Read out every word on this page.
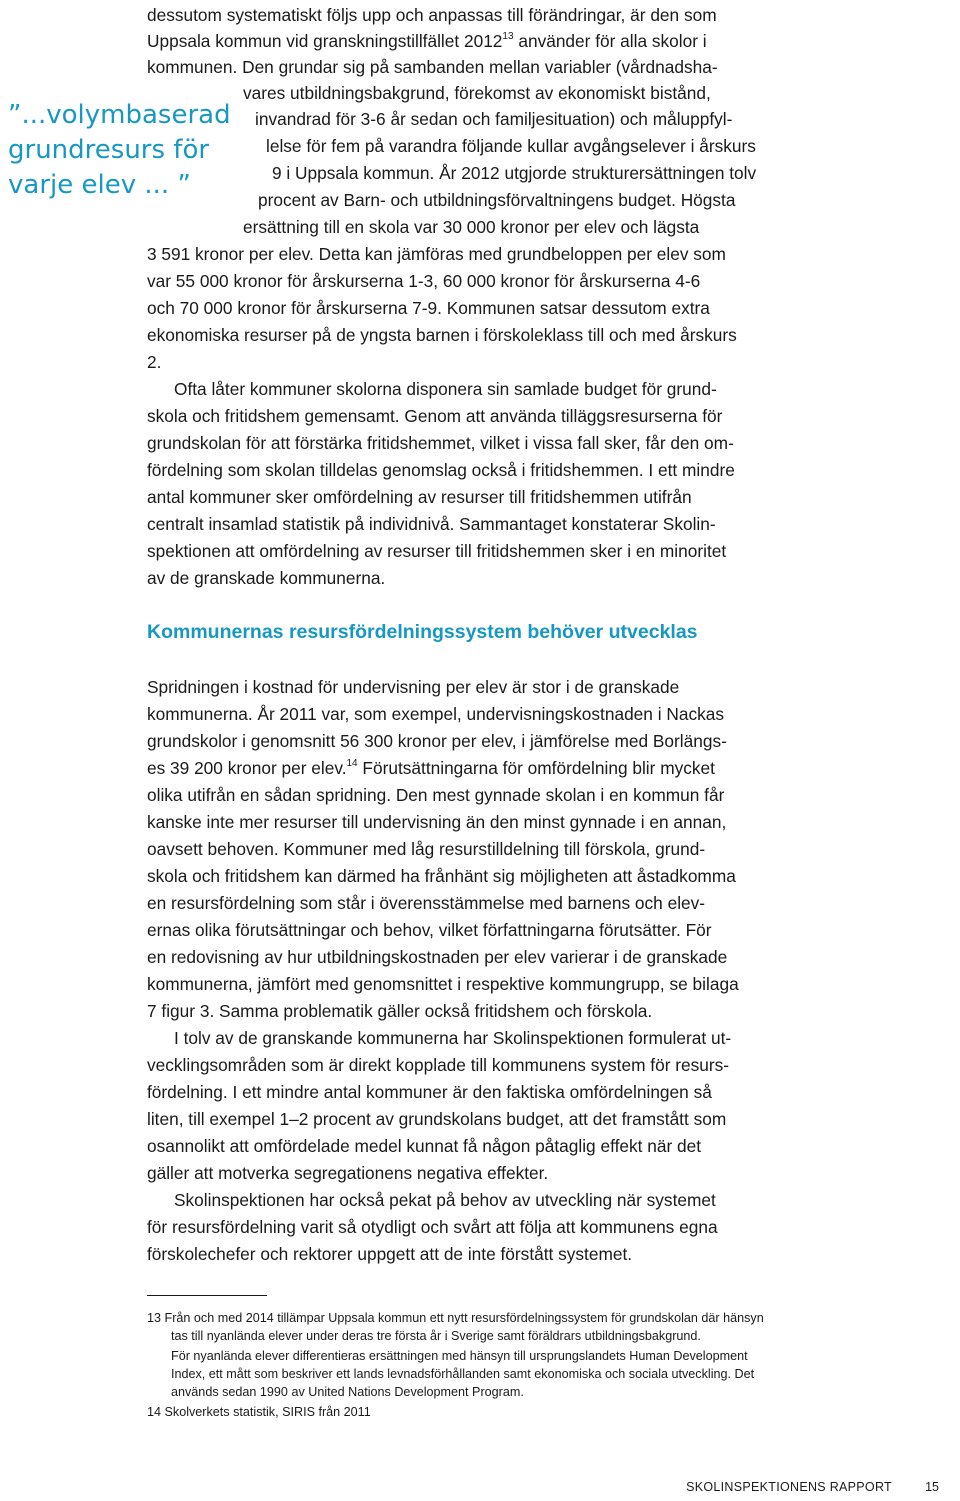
”...volymbaserad
grundresurs för
varje elev ... ”
dessutom systematiskt följs upp och anpassas till förändringar, är den som
Uppsala kommun vid granskningstillfället 2012$^{13}$ använder för alla skolor i
kommunen. Den grundar sig på sambanden mellan variabler (vårdnadsha-
vares utbildningsbakgrund, förekomst av ekonomiskt bistånd,
invandrad för 3-6 år sedan och familjesituation) och måluppfyl-
lelse för fem på varandra följande kullar avgångselever i årskurs
9 i Uppsala kommun. År 2012 utgjorde strukturersättningen tolv
procent av Barn- och utbildningsförvaltningens budget. Högsta
ersättning till en skola var 30 000 kronor per elev och lägsta
3 591 kronor per elev. Detta kan jämföras med grundbeloppen per elev som
var 55 000 kronor för årskurserna 1-3, 60 000 kronor för årskurserna 4-6
och 70 000 kronor för årskurserna 7-9. Kommunen satsar dessutom extra
ekonomiska resurser på de yngsta barnen i förskoleklass till och med årskurs
2.
Ofta låter kommuner skolorna disponera sin samlade budget för grund-
skola och fritidshem gemensamt. Genom att använda tilläggsresurserna för
grundskolan för att förstärka fritidshemmet, vilket i vissa fall sker, får den om-
fördelning som skolan tilldelas genomslag också i fritidshemmen. I ett mindre
antal kommuner sker omfördelning av resurser till fritidshemmen utifrån
centralt insamlad statistik på individnivå. Sammantaget konstaterar Skolin-
spektionen att omfördelning av resurser till fritidshemmen sker i en minoritet
av de granskade kommunerna.
Spridningen i kostnad för undervisning per elev är stor i de granskade
kommunerna. År 2011 var, som exempel, undervisningskostnaden i Nackas
grundskolor i genomsnitt 56 300 kronor per elev, i jämförelse med Borlängs-
es 39 200 kronor per elev.$^{14}$ Förutsättningarna för omfördelning blir mycket
olika utifrån en sådan spridning. Den mest gynnade skolan i en kommun får
kanske inte mer resurser till undervisning än den minst gynnade i en annan,
oavsett behoven. Kommuner med låg resurstilldelning till förskola, grund-
skola och fritidshem kan därmed ha frånhänt sig möjligheten att åstadkomma
en resursfördelning som står i överensstämmelse med barnens och elev-
ernas olika förutsättningar och behov, vilket författningarna förutsätter. För
en redovisning av hur utbildningskostnaden per elev varierar i de granskade
kommunerna, jämfört med genomsnittet i respektive kommungrupp, se bilaga
7 figur 3. Samma problematik gäller också fritidshem och förskola.
I tolv av de granskande kommunerna har Skolinspektionen formulerat ut-
vecklingsområden som är direkt kopplade till kommunens system för resurs-
fördelning. I ett mindre antal kommuner är den faktiska omfördelningen så
liten, till exempel 1–2 procent av grundskolans budget, att det framstått som
osannolikt att omfördelade medel kunnat få någon påtaglig effekt när det
gäller att motverka segregationens negativa effekter.
Skolinspektionen har också pekat på behov av utveckling när systemet
för resursfördelning varit så otydligt och svårt att följa att kommunens egna
förskolechefer och rektorer uppgett att de inte förstått systemet.
Kommunernas resursfördelningssystem behöver utvecklas
13 Från och med 2014 tillämpar Uppsala kommun ett nytt resursfördelningssystem för grundskolan där hänsyn
tas till nyanlända elever under deras tre första år i Sverige samt föräldrars utbildningsbakgrund.
För nyanlända elever differentieras ersättningen med hänsyn till ursprungslandets Human Development
Index, ett mått som beskriver ett lands levnadsförhållanden samt ekonomiska och sociala utveckling. Det
används sedan 1990 av United Nations Development Program.
14 Skolverkets statistik, SIRIS från 2011
SKOLINSPEKTIONENS RAPPORT	15
